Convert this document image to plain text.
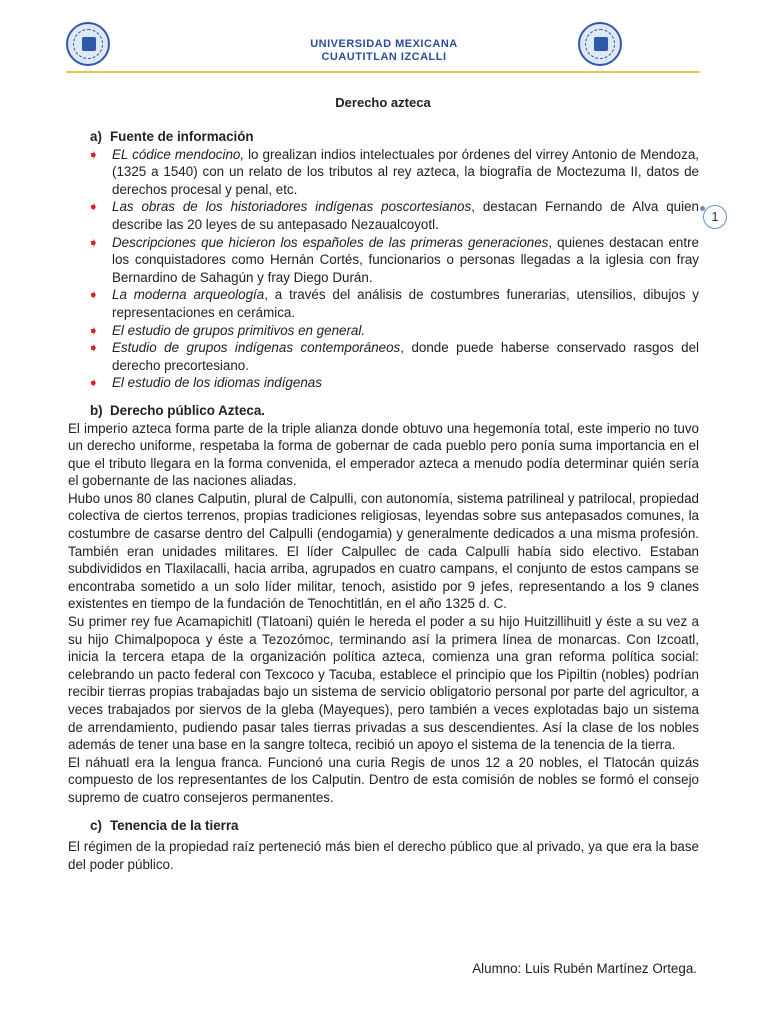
UNIVERSIDAD MEXICANA
CUAUTITLAN IZCALLI
Derecho azteca
1
a) Fuente de información
➧ EL códice mendocino, lo grealizan indios intelectuales por órdenes del virrey Antonio de Mendoza, (1325 a 1540) con un relato de los tributos al rey azteca, la biografía de Moctezuma II, datos de derechos procesal y penal, etc.
➧ Las obras de los historiadores indígenas poscortesianos, destacan Fernando de Alva quien describe las 20 leyes de su antepasado Nezaualcoyotl.
➧ Descripciones que hicieron los españoles de las primeras generaciones, quienes destacan entre los conquistadores como Hernán Cortés, funcionarios o personas llegadas a la iglesia con fray Bernardino de Sahagún y fray Diego Durán.
➧ La moderna arqueología, a través del análisis de costumbres funerarias, utensilios, dibujos y representaciones en cerámica.
➧ El estudio de grupos primitivos en general.
➧ Estudio de grupos indígenas contemporáneos, donde puede haberse conservado rasgos del derecho precortesiano.
➧ El estudio de los idiomas indígenas
b) Derecho público Azteca.

El imperio azteca forma parte de la triple alianza donde obtuvo una hegemonía total, este imperio no tuvo un derecho uniforme, respetaba la forma de gobernar de cada pueblo pero ponía suma importancia en el que el tributo llegara en la forma convenida, el emperador azteca a menudo podía determinar quién sería el gobernante de las naciones aliadas.

Hubo unos 80 clanes Calputin, plural de Calpulli, con autonomía, sistema patrilineal y patrilocal, propiedad colectiva de ciertos terrenos, propias tradiciones religiosas, leyendas sobre sus antepasados comunes, la costumbre de casarse dentro del Calpulli (endogamia) y generalmente dedicados a una misma profesión. También eran unidades militares. El líder Calpullec de cada Calpulli había sido electivo. Estaban subdivididos en Tlaxilacalli, hacia arriba, agrupados en cuatro campans, el conjunto de estos campans se encontraba sometido a un solo líder militar, tenoch, asistido por 9 jefes, representando a los 9 clanes existentes en tiempo de la fundación de Tenochtitlán, en el año 1325 d. C.

Su primer rey fue Acamapichitl (Tlatoani) quién le hereda el poder a su hijo Huitzillihuitl y éste a su vez a su hijo Chimalpopoca y éste a Tezozómoc, terminando así la primera línea de monarcas. Con Izcoatl, inicia la tercera etapa de la organización política azteca, comienza una gran reforma política social: celebrando un pacto federal con Texcoco y Tacuba, establece el principio que los Pipiltin (nobles) podrían recibir tierras propias trabajadas bajo un sistema de servicio obligatorio personal por parte del agricultor, a veces trabajados por siervos de la gleba (Mayeques), pero también a veces explotadas bajo un sistema de arrendamiento, pudiendo pasar tales tierras privadas a sus descendientes. Así la clase de los nobles además de tener una base en la sangre tolteca, recibió un apoyo el sistema de la tenencia de la tierra.

El náhuatl era la lengua franca. Funcionó una curia Regis de unos 12 a 20 nobles, el Tlatocán quizás compuesto de los representantes de los Calputin. Dentro de esta comisión de nobles se formó el consejo supremo de cuatro consejeros permanentes.

c) Tenencia de la tierra

El régimen de la propiedad raíz perteneció más bien el derecho público que al privado, ya que era la base del poder público.

Alumno: Luis Rubén Martínez Ortega.
